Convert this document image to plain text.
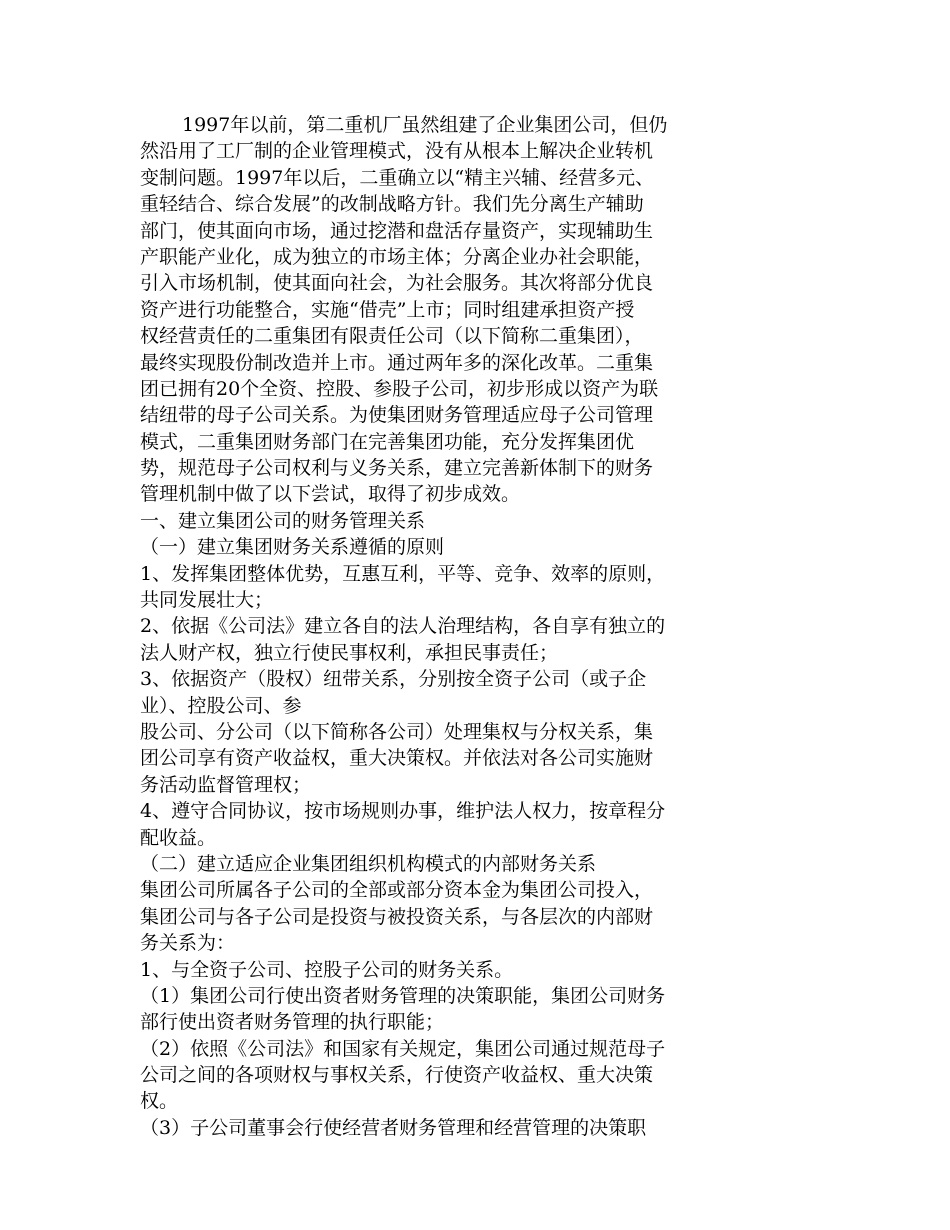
1997年以前，第二重机厂虽然组建了企业集团公司，但仍
然沿用了工厂制的企业管理模式，没有从根本上解决企业转机
变制问题。1997年以后，二重确立以“精主兴辅、经营多元、
重轻结合、综合发展”的改制战略方针。我们先分离生产辅助
部门，使其面向市场，通过挖潜和盘活存量资产，实现辅助生
产职能产业化，成为独立的市场主体；分离企业办社会职能，
引入市场机制，使其面向社会，为社会服务。其次将部分优良
资产进行功能整合，实施“借壳”上市；同时组建承担资产授
权经营责任的二重集团有限责任公司（以下简称二重集团），
最终实现股份制改造并上市。通过两年多的深化改革。二重集
团已拥有20个全资、控股、参股子公司，初步形成以资产为联
结纽带的母子公司关系。为使集团财务管理适应母子公司管理
模式，二重集团财务部门在完善集团功能，充分发挥集团优
势，规范母子公司权利与义务关系，建立完善新体制下的财务
管理机制中做了以下尝试，取得了初步成效。
一、建立集团公司的财务管理关系
（一）建立集团财务关系遵循的原则
1、发挥集团整体优势，互惠互利，平等、竞争、效率的原则，
共同发展壮大；
2、依据《公司法》建立各自的法人治理结构，各自享有独立的
法人财产权，独立行使民事权利，承担民事责任；
3、依据资产（股权）纽带关系，分别按全资子公司（或子企
业）、控股公司、参
股公司、分公司（以下简称各公司）处理集权与分权关系，集
团公司享有资产收益权，重大决策权。并依法对各公司实施财
务活动监督管理权；
4、遵守合同协议，按市场规则办事，维护法人权力，按章程分
配收益。
（二）建立适应企业集团组织机构模式的内部财务关系
集团公司所属各子公司的全部或部分资本金为集团公司投入，
集团公司与各子公司是投资与被投资关系，与各层次的内部财
务关系为：
1、与全资子公司、控股子公司的财务关系。
（1）集团公司行使出资者财务管理的决策职能，集团公司财务
部行使出资者财务管理的执行职能；
（2）依照《公司法》和国家有关规定，集团公司通过规范母子
公司之间的各项财权与事权关系，行使资产收益权、重大决策
权。
（3）子公司董事会行使经营者财务管理和经营管理的决策职
